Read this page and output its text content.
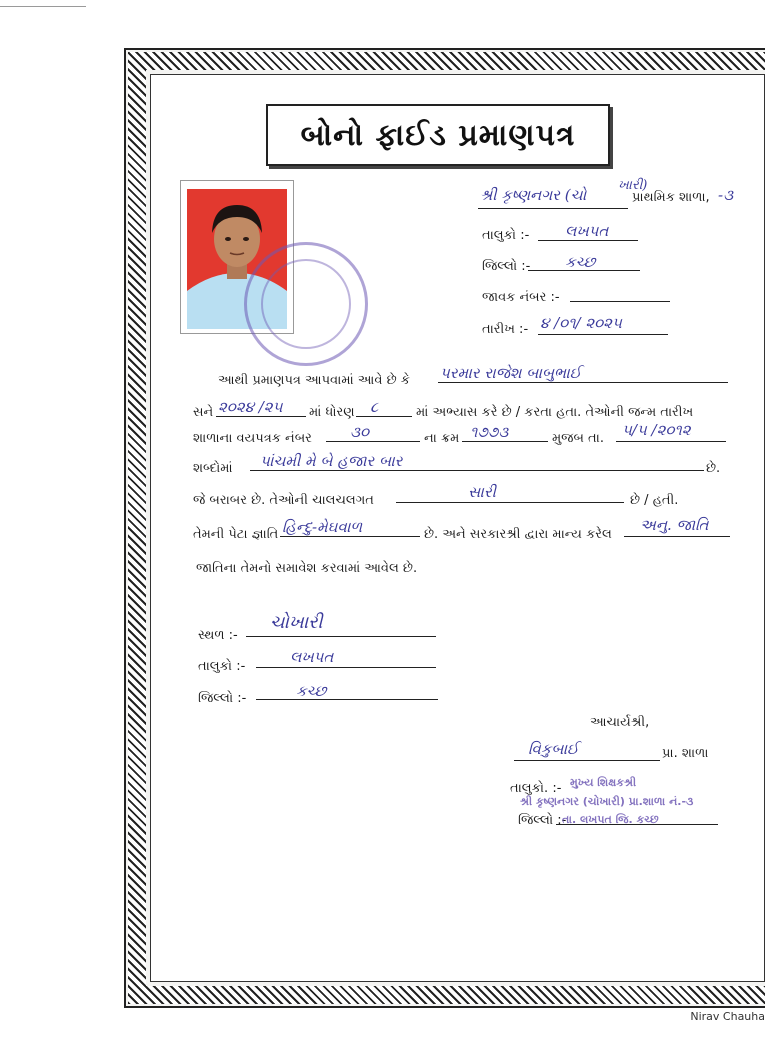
બોનો ફાઈડ પ્રમાણપત્ર
શ્રી કૃષ્ણનગર (ચો
ખારી)
પ્રાથમિક શાળા, -૩
તાલુકો :- લખપત
જિલ્લો :- કચ્છ
જાવક નંબર :-
તારીખ :- ૪ /૦૧/ ૨૦૨૫
આથી પ્રમાણપત્ર આપવામાં આવે છે કે પરમાર રાજેશ બાબુભાઈ
સને ૨૦૨૪ /૨૫ માં ધોરણ ૮	માં અભ્યાસ કરે છે / કરતા હતા. તેઓની જન્મ તારીખ
શાળાના વયપત્રક નંબર	૩૦	ના ક્રમ ૧૭૭૩	મુજબ તા. ૫/૫ /૨૦૧૨
શબ્દોમાં પાંચમી મે બે હજાર બાર	છે.
જે બરાબર છે. તેઓની ચાલચલગત	સારી	છે / હતી.
તેમની પેટા જ્ઞાતિ હિન્દુ-મેઘવાળ	છે. અને સરકારશ્રી દ્વારા માન્ય કરેલ
અનુ. જાતિ
જાતિના તેમનો સમાવેશ કરવામાં આવેલ છે.
સ્થળ :-
ચોખારી
તાલુકો :-
લખપત
જિલ્લો :-	કચ્છ
આચાર્યશ્રી,
વિકુબાઈ	પ્રા. શાળા
તાલુકો. :- મુખ્ય શિક્ષકશ્રી
શ્રી કૃષ્ણનગર (ચોખારી) પ્રા.શાળા નં.-૩
જિલ્લો :-
તા. લખપત જિ. કચ્છ
Nirav Chauha
